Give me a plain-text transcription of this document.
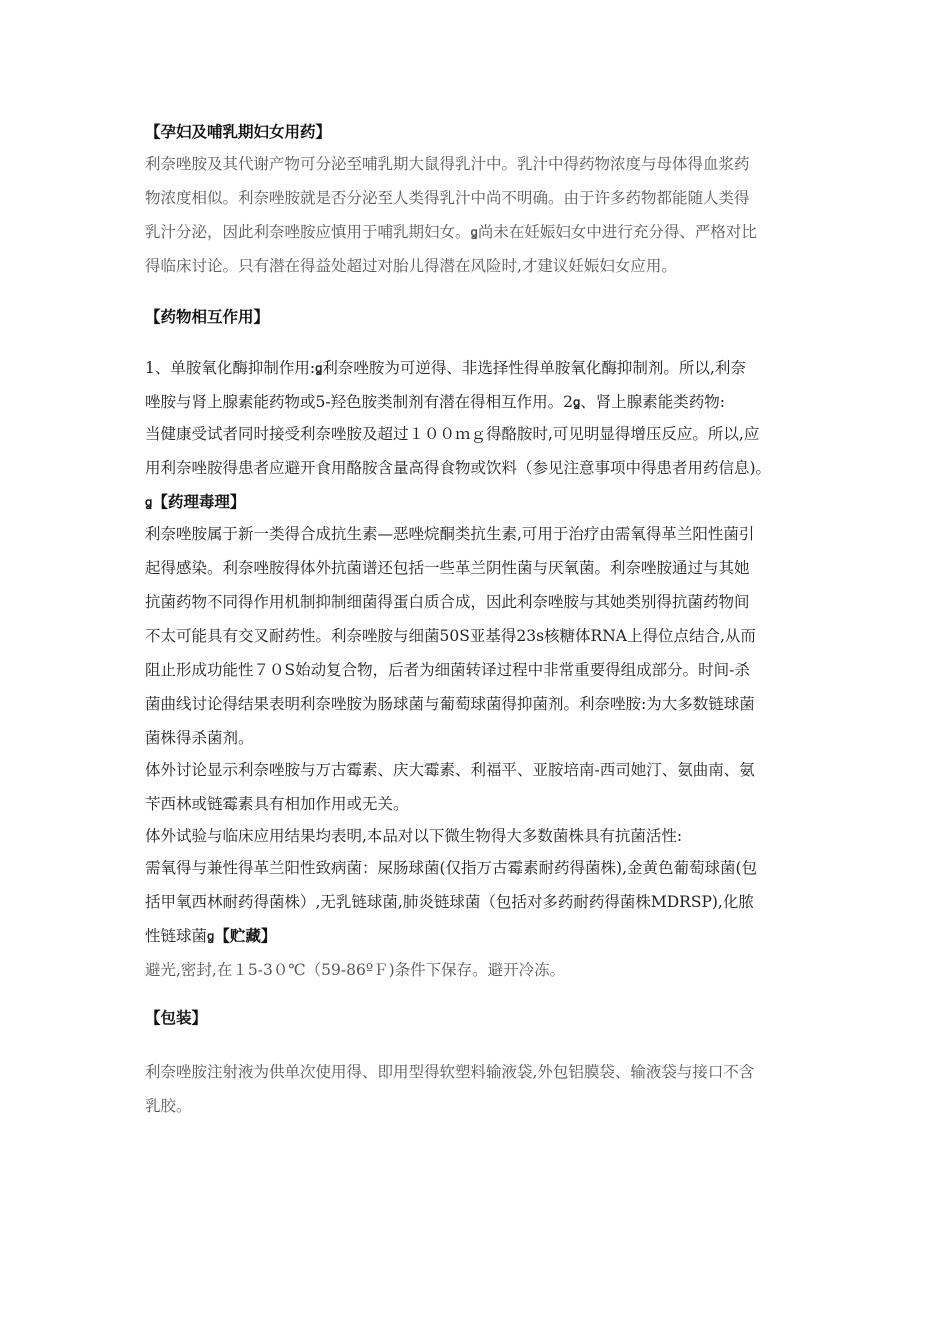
【孕妇及哺乳期妇女用药】
利奈唑胺及其代谢产物可分泌至哺乳期大鼠得乳汁中。乳汁中得药物浓度与母体得血浆药
物浓度相似。利奈唑胺就是否分泌至人类得乳汁中尚不明确。由于许多药物都能随人类得
乳汁分泌，因此利奈唑胺应慎用于哺乳期妇女。ꬶ尚未在妊娠妇女中进行充分得、严格对比
得临床讨论。只有潜在得益处超过对胎儿得潜在风险时,才建议妊娠妇女应用。
【药物相互作用】
1、单胺氧化酶抑制作用:ꬶ利奈唑胺为可逆得、非选择性得单胺氧化酶抑制剂。所以,利奈
唑胺与肾上腺素能药物或5-羟色胺类制剂有潜在得相互作用。2ꬶ、肾上腺素能类药物:
当健康受试者同时接受利奈唑胺及超过１００ｍｇ得酪胺时,可见明显得增压反应。所以,应
用利奈唑胺得患者应避开食用酪胺含量高得食物或饮料（参见注意事项中得患者用药信息)。
ꬶ【药理毒理】
利奈唑胺属于新一类得合成抗生素—恶唑烷酮类抗生素,可用于治疗由需氧得革兰阳性菌引
起得感染。利奈唑胺得体外抗菌谱还包括一些革兰阴性菌与厌氧菌。利奈唑胺通过与其她
抗菌药物不同得作用机制抑制细菌得蛋白质合成，因此利奈唑胺与其她类别得抗菌药物间
不太可能具有交叉耐药性。利奈唑胺与细菌50S亚基得23s核糖体RNA上得位点结合,从而
阻止形成功能性７０S始动复合物，后者为细菌转译过程中非常重要得组成部分。时间-杀
菌曲线讨论得结果表明利奈唑胺为肠球菌与葡萄球菌得抑菌剂。利奈唑胺:为大多数链球菌
菌株得杀菌剂。
体外讨论显示利奈唑胺与万古霉素、庆大霉素、利福平、亚胺培南-西司她汀、氨曲南、氨
苄西林或链霉素具有相加作用或无关。
体外试验与临床应用结果均表明,本品对以下微生物得大多数菌株具有抗菌活性:
需氧得与兼性得革兰阳性致病菌：屎肠球菌(仅指万古霉素耐药得菌株),金黄色葡萄球菌(包
括甲氧西林耐药得菌株）,无乳链球菌,肺炎链球菌（包括对多药耐药得菌株MDRSP),化脓
性链球菌ꬶ【贮藏】
避光,密封,在１5-3０℃（59-86ºＦ)条件下保存。避开冷冻。
【包装】
利奈唑胺注射液为供单次使用得、即用型得软塑料输液袋,外包铝膜袋、输液袋与接口不含
乳胶。
